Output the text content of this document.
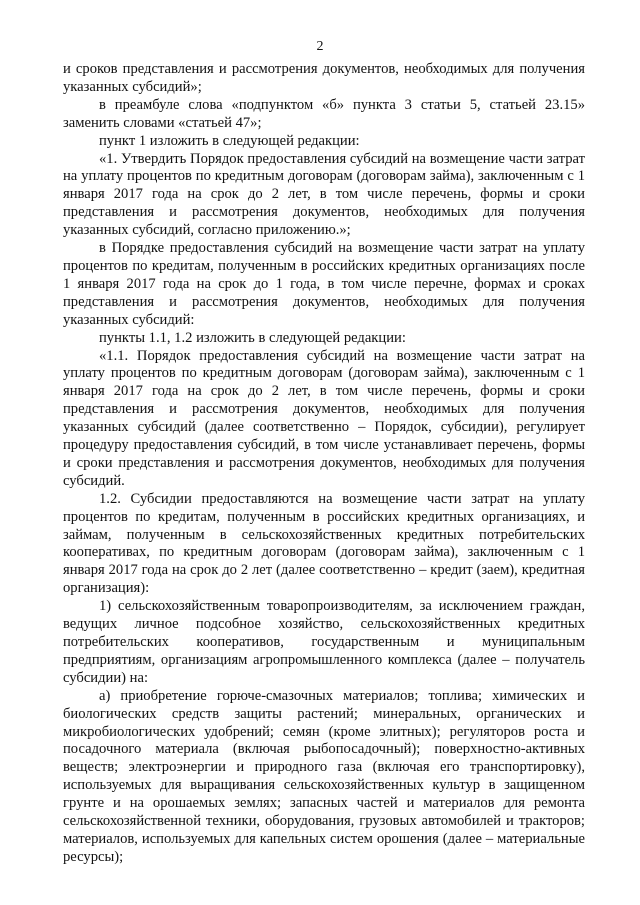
2

и сроков представления и рассмотрения документов, необходимых для получения указанных субсидий»;

в преамбуле слова «подпунктом «б» пункта 3 статьи 5, статьей 23.15» заменить словами «статьей 47»;

пункт 1 изложить в следующей редакции:

«1. Утвердить Порядок предоставления субсидий на возмещение части затрат на уплату процентов по кредитным договорам (договорам займа), заключенным с 1 января 2017 года на срок до 2 лет, в том числе перечень, формы и сроки представления и рассмотрения документов, необходимых для получения указанных субсидий, согласно приложению.»;

в Порядке предоставления субсидий на возмещение части затрат на уплату процентов по кредитам, полученным в российских кредитных организациях после 1 января 2017 года на срок до 1 года, в том числе перечне, формах и сроках представления и рассмотрения документов, необходимых для получения указанных субсидий:

пункты 1.1, 1.2 изложить в следующей редакции:

«1.1. Порядок предоставления субсидий на возмещение части затрат на уплату процентов по кредитным договорам (договорам займа), заключенным с 1 января 2017 года на срок до 2 лет, в том числе перечень, формы и сроки представления и рассмотрения документов, необходимых для получения указанных субсидий (далее соответственно – Порядок, субсидии), регулирует процедуру предоставления субсидий, в том числе устанавливает перечень, формы и сроки представления и рассмотрения документов, необходимых для получения субсидий.

1.2. Субсидии предоставляются на возмещение части затрат на уплату процентов по кредитам, полученным в российских кредитных организациях, и займам, полученным в сельскохозяйственных кредитных потребительских кооперативах, по кредитным договорам (договорам займа), заключенным с 1 января 2017 года на срок до 2 лет (далее соответственно – кредит (заем), кредитная организация):

1) сельскохозяйственным товаропроизводителям, за исключением граждан, ведущих личное подсобное хозяйство, сельскохозяйственных кредитных потребительских кооперативов, государственным и муниципальным предприятиям, организациям агропромышленного комплекса (далее – получатель субсидии) на:

а) приобретение горюче-смазочных материалов; топлива; химических и биологических средств защиты растений; минеральных, органических и микробиологических удобрений; семян (кроме элитных); регуляторов роста и посадочного материала (включая рыбопосадочный); поверхностно-активных веществ; электроэнергии и природного газа (включая его транспортировку), используемых для выращивания сельскохозяйственных культур в защищенном грунте и на орошаемых землях; запасных частей и материалов для ремонта сельскохозяйственной техники, оборудования, грузовых автомобилей и тракторов; материалов, используемых для капельных систем орошения (далее – материальные ресурсы);
